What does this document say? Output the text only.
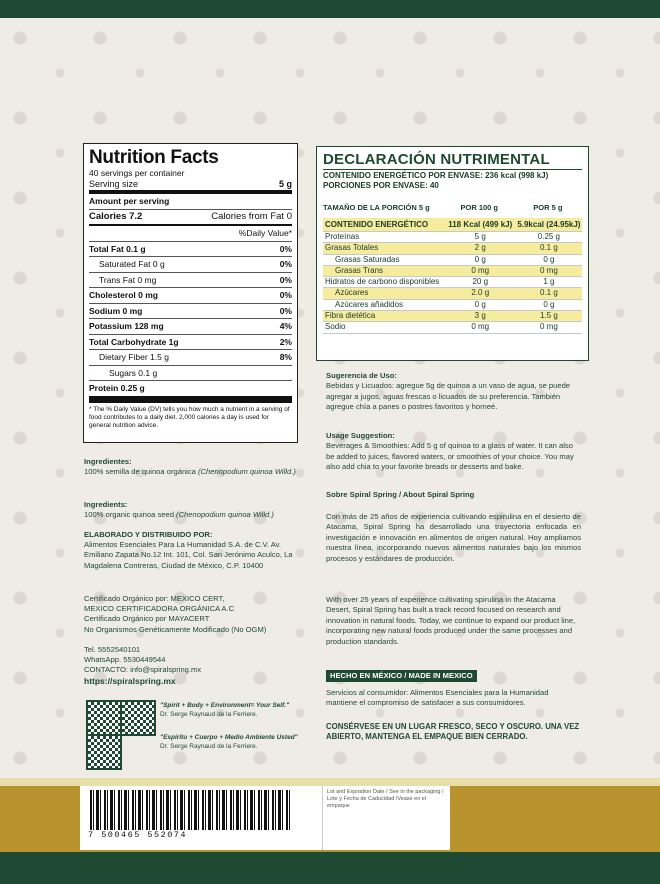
Nutrition Facts
40 servings per container
Serving size	5 g
Amount per serving
Calories 7.2	Calories from Fat 0
%Daily Value*
Total Fat 0.1 g	0%
Saturated Fat 0 g	0%
Trans Fat 0 mg	0%
Cholesterol 0 mg	0%
Sodium 0 mg	0%
Potassium 128 mg	4%
Total Carbohydrate 1g	2%
Dietary Fiber 1.5 g	8%
Sugars 0.1 g
Protein 0.25 g
* The % Daily Value (DV) tells you how much a nutrient in a serving of food contributes to a daily diet. 2,000 calories a day is used for general nutrition advice.
DECLARACIÓN NUTRIMENTAL
CONTENIDO ENERGÉTICO POR ENVASE: 236 kcal (998 kJ)
PORCIONES POR ENVASE: 40
TAMAÑO DE LA PORCIÓN 5 g	POR 100 g	POR 5 g
CONTENIDO ENERGÉTICO	118 Kcal (499 kJ)	5.9kcal (24.95kJ)
Proteínas	5 g	0.25 g
Grasas Totales	2 g	0.1 g
Grasas Saturadas	0 g	0 g
Grasas Trans	0 mg	0 mg
Hidratos de carbono disponibles	20 g	1 g
Azúcares	2.0 g	0.1 g
Azúcares añadidos	0 g	0 g
Fibra dietética	3 g	1.5 g
Sodio	0 mg	0 mg
Sugerencia de Uso:
Bebidas y Licuados: agregue 5g de quinoa a un vaso de agua, se puede agregar a jugos, aguas frescas o licuados de su preferencia. También agregue chía a panes o postres favoritos y horneé.
Usage Suggestion:
Beverages & Smoothies: Add 5 g of quinoa to a glass of water. It can also be added to juices, flavored waters, or smoothies of your choice. You may also add chia to your favorite breads or desserts and bake.
Sobre Spiral Spring / About Spiral Spring
Con más de 25 años de experiencia cultivando espirulina en el desierto de Atacama, Spiral Spring ha desarrollado una trayectoria enfocada en investigación e innovación en alimentos de origen natural. Hoy ampliamos nuestra línea, incorporando nuevos alimentos naturales bajo los mismos procesos y estándares de producción.
With over 25 years of experience cultivating spirulina in the Atacama Desert, Spiral Spring has built a track record focused on research and innovation in natural foods. Today, we continue to expand our product line, incorporating new natural foods produced under the same processes and production standards.
HECHO EN MÉXICO / MADE IN MEXICO
Servicios al consumidor: Alimentos Esenciales para la Humanidad mantiene el compromiso de satisfacer a sus consumidores.
CONSÉRVESE EN UN LUGAR FRESCO, SECO Y OSCURO. UNA VEZ ABIERTO, MANTENGA EL EMPAQUE BIEN CERRADO.
Ingredientes:
100% semilla de quinoa orgánica (Chenopodium quinoa Willd.)
Ingredients:
100% organic quinoa seed (Chenopodium quinoa Willd.)
ELABORADO Y DISTRIBUIDO POR:
Alimentos Esenciales Para La Humanidad S.A. de C.V. Av. Emiliano Zapata No.12 Int. 101, Col. San Jerónimo Aculco, La Magdalena Contreras, Ciudad de México, C.P. 10400
Certificado Orgánico por: MEXICO CERT,
MEXICO CERTIFICADORA ORGÁNICA A.C
Certificado Orgánico por MAYACERT
No Organismos Genéticamente Modificado (No OGM)
Tel. 5552540101
WhatsApp. 5530449544
CONTACTO: info@spiralspring.mx
https://spiralspring.mx
"Spirit + Body + Environment= Your Self."
Dr. Serge Raynaud de la Ferriere.
"Espíritu + Cuerpo + Medio Ambiente Usted"
Dr. Serge Raynaud de la Ferriere.
7 500465 552074
Lot and Expiration Date / See in the packaging / Lote y Fecha de Caducidad /Vease en el empaque
